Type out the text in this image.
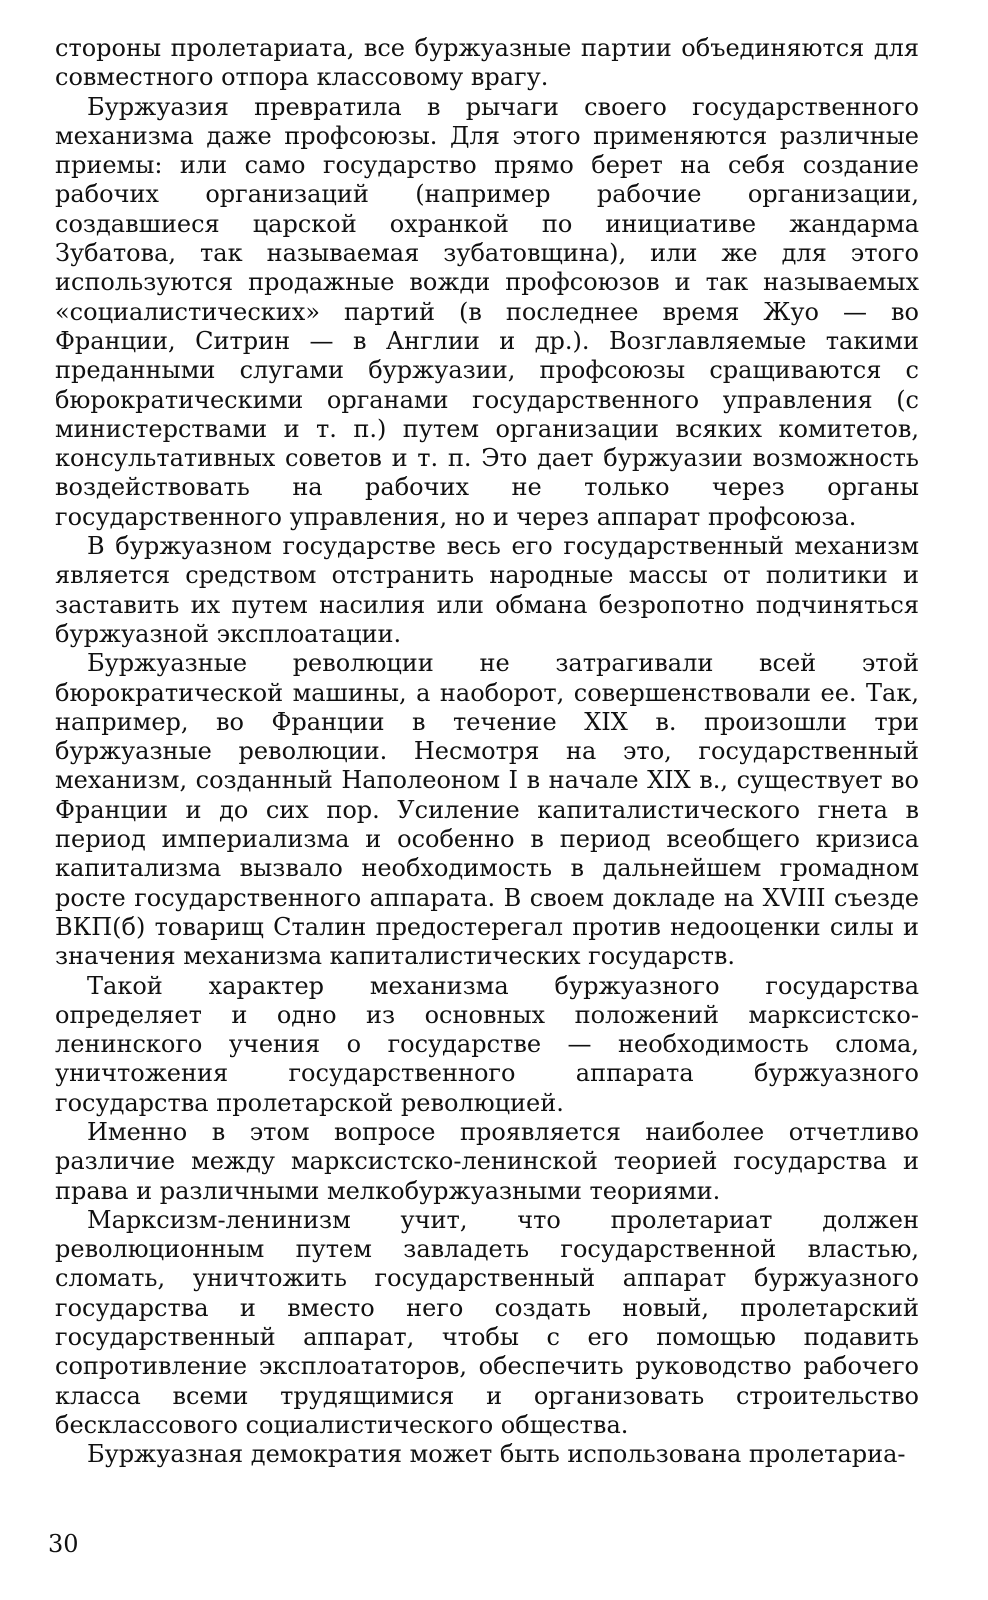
стороны пролетариата, все буржуазные партии объединяются для совместного отпора классовому врагу.

Буржуазия превратила в рычаги своего государственного механизма даже профсоюзы. Для этого применяются различные приемы: или само государство прямо берет на себя создание рабочих организаций (например рабочие организации, создавшиеся царской охранкой по инициативе жандарма Зубатова, так называемая зубатовщина), или же для этого используются продажные вожди профсоюзов и так называемых «социалистических» партий (в последнее время Жуо — во Франции, Ситрин — в Англии и др.). Возглавляемые такими преданными слугами буржуазии, профсоюзы сращиваются с бюрократическими органами государственного управления (с министерствами и т. п.) путем организации всяких комитетов, консультативных советов и т. п. Это дает буржуазии возможность воздействовать на рабочих не только через органы государственного управления, но и через аппарат профсоюза.

В буржуазном государстве весь его государственный механизм является средством отстранить народные массы от политики и заставить их путем насилия или обмана безропотно подчиняться буржуазной эксплоатации.

Буржуазные революции не затрагивали всей этой бюрократической машины, а наоборот, совершенствовали ее. Так, например, во Франции в течение XIX в. произошли три буржуазные революции. Несмотря на это, государственный механизм, созданный Наполеоном I в начале XIX в., существует во Франции и до сих пор. Усиление капиталистического гнета в период империализма и особенно в период всеобщего кризиса капитализма вызвало необходимость в дальнейшем громадном росте государственного аппарата. В своем докладе на XVIII съезде ВКП(б) товарищ Сталин предостерегал против недооценки силы и значения механизма капиталистических государств.

Такой характер механизма буржуазного государства определяет и одно из основных положений марксистско-ленинского учения о государстве — необходимость слома, уничтожения государственного аппарата буржуазного государства пролетарской революцией.

Именно в этом вопросе проявляется наиболее отчетливо различие между марксистско-ленинской теорией государства и права и различными мелкобуржуазными теориями.

Марксизм-ленинизм учит, что пролетариат должен революционным путем завладеть государственной властью, сломать, уничтожить государственный аппарат буржуазного государства и вместо него создать новый, пролетарский государственный аппарат, чтобы с его помощью подавить сопротивление эксплоататоров, обеспечить руководство рабочего класса всеми трудящимися и организовать строительство бесклассового социалистического общества.

Буржуазная демократия может быть использована пролетариа-

30
